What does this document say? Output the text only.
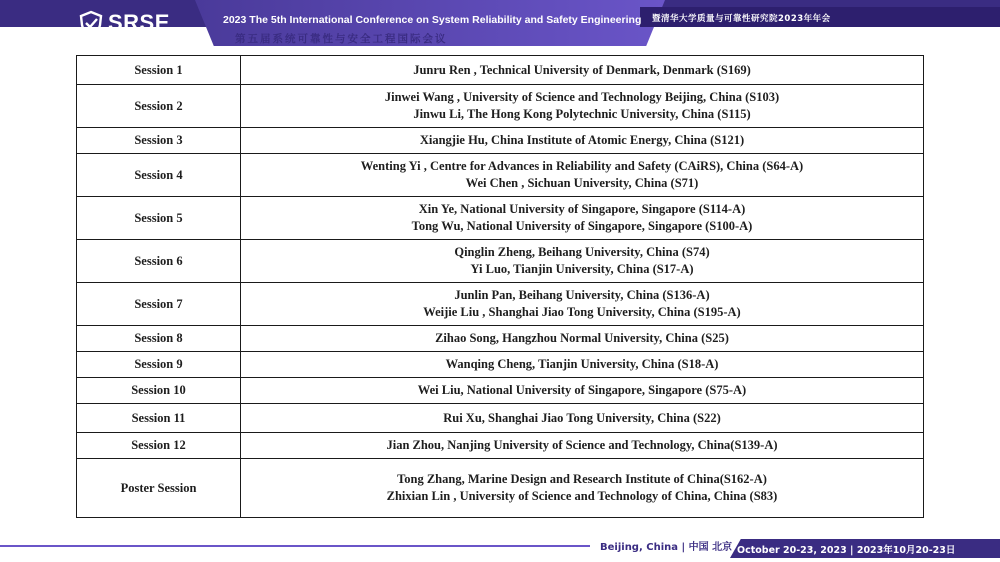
SRSE	2023 The 5th International Conference on System Reliability and Safety Engineering
第五届系统可靠性与安全工程国际会议
暨清华大学质量与可靠性研究院2023年年会
Session 1	Junru Ren , Technical University of Denmark, Denmark (S169)

Session 2	Jinwei Wang , University of Science and Technology Beijing, China (S103)
Jinwu Li, The Hong Kong Polytechnic University, China (S115)

Session 3	Xiangjie Hu, China Institute of Atomic Energy, China (S121)

Session 4	Wenting Yi , Centre for Advances in Reliability and Safety (CAiRS), China (S64-A)
Wei Chen , Sichuan University, China (S71)

Session 5	Xin Ye, National University of Singapore, Singapore (S114-A)
Tong Wu, National University of Singapore, Singapore (S100-A)

Session 6	Qinglin Zheng, Beihang University, China (S74)
Yi Luo, Tianjin University, China (S17-A)

Session 7	Junlin Pan, Beihang University, China (S136-A)
Weijie Liu , Shanghai Jiao Tong University, China (S195-A)

Session 8	Zihao Song, Hangzhou Normal University, China (S25)

Session 9	Wanqing Cheng, Tianjin University, China (S18-A)

Session 10	Wei Liu, National University of Singapore, Singapore (S75-A)

Session 11	Rui Xu, Shanghai Jiao Tong University, China (S22)

Session 12	Jian Zhou, Nanjing University of Science and Technology, China(S139-A)

Poster Session	Tong Zhang, Marine Design and Research Institute of China(S162-A)
Zhixian Lin , University of Science and Technology of China, China (S83)
Beijing, China | 中国 北京 October 20-23, 2023 | 2023年10月20-23日
